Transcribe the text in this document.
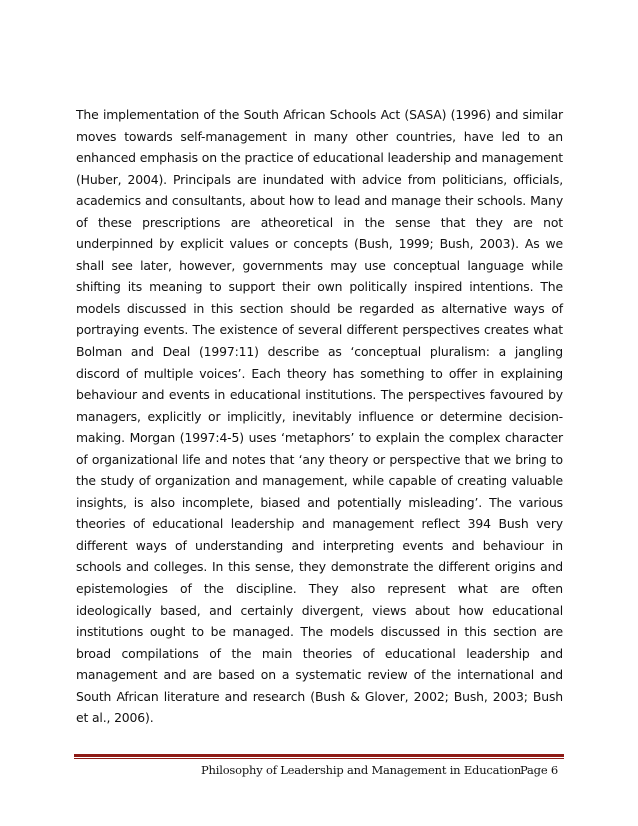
The implementation of the South African Schools Act (SASA) (1996) and similar moves towards self-management in many other countries, have led to an enhanced emphasis on the practice of educational leadership and management (Huber, 2004). Principals are inundated with advice from politicians, officials, academics and consultants, about how to lead and manage their schools. Many of these prescriptions are atheoretical in the sense that they are not underpinned by explicit values or concepts (Bush, 1999; Bush, 2003). As we shall see later, however, governments may use conceptual language while shifting its meaning to support their own politically inspired intentions. The models discussed in this section should be regarded as alternative ways of portraying events. The existence of several different perspectives creates what Bolman and Deal (1997:11) describe as ‘conceptual pluralism: a jangling discord of multiple voices’. Each theory has something to offer in explaining behaviour and events in educational institutions. The perspectives favoured by managers, explicitly or implicitly, inevitably influence or determine decision-making. Morgan (1997:4-5) uses ‘metaphors’ to explain the complex character of organizational life and notes that ‘any theory or perspective that we bring to the study of organization and management, while capable of creating valuable insights, is also incomplete, biased and potentially misleading’. The various theories of educational leadership and management reflect 394 Bush very different ways of understanding and interpreting events and behaviour in schools and colleges. In this sense, they demonstrate the different origins and epistemologies of the discipline. They also represent what are often ideologically based, and certainly divergent, views about how educational institutions ought to be managed. The models discussed in this section are broad compilations of the main theories of educational leadership and management and are based on a systematic review of the international and South African literature and research (Bush & Glover, 2002; Bush, 2003; Bush et al., 2006).

Philosophy of Leadership and Management in Education
Page 6
